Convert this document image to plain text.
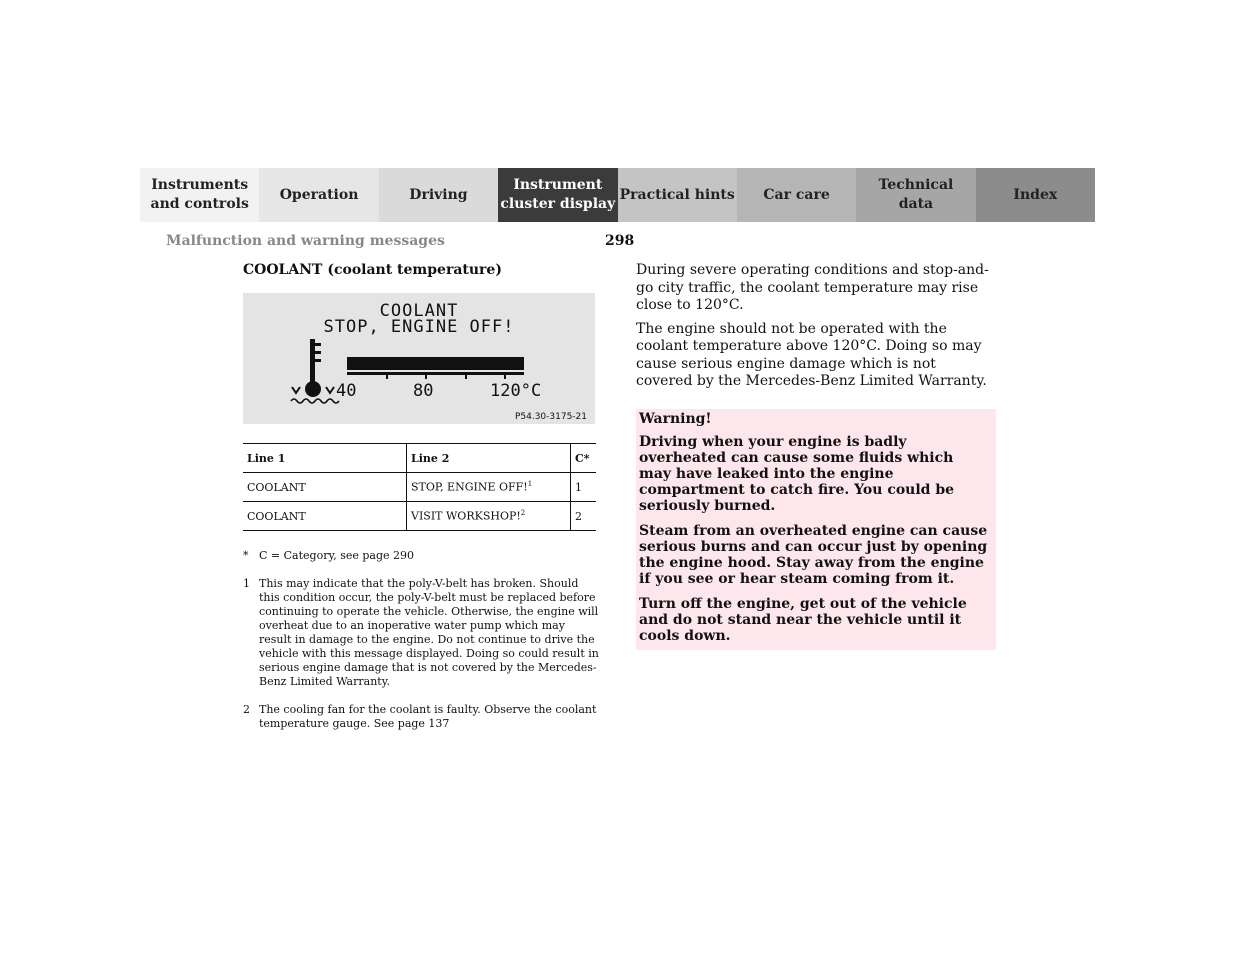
Instruments
and controls
Operation	Driving
Instrument
cluster display
Practical hints	Car care
Technical
data
Index
Malfunction and warning messages	298
COOLANT (coolant temperature)
COOLANT
STOP, ENGINE OFF!
40	80	120°C
P54.30-3175-21
Line 1	Line 2	C*
COOLANT	STOP, ENGINE OFF!$^1$	1
COOLANT	VISIT WORKSHOP!$^2$	2
* C = Category, see page 290
1 This may indicate that the poly-V-belt has broken. Should this condition occur, the poly-V-belt must be replaced before continuing to operate the vehicle. Otherwise, the engine will overheat due to an inoperative water pump which may result in damage to the engine. Do not continue to drive the vehicle with this message displayed. Doing so could result in serious engine damage that is not covered by the Mercedes-Benz Limited Warranty.
2 The cooling fan for the coolant is faulty. Observe the coolant temperature gauge. See page 137

During severe operating conditions and stop-and-go city traffic, the coolant temperature may rise close to 120°C.

The engine should not be operated with the coolant temperature above 120°C. Doing so may cause serious engine damage which is not covered by the Mercedes-Benz Limited Warranty.

Warning!

Driving when your engine is badly overheated can cause some fluids which may have leaked into the engine compartment to catch fire. You could be seriously burned.

Steam from an overheated engine can cause serious burns and can occur just by opening the engine hood. Stay away from the engine if you see or hear steam coming from it.

Turn off the engine, get out of the vehicle and do not stand near the vehicle until it cools down.
